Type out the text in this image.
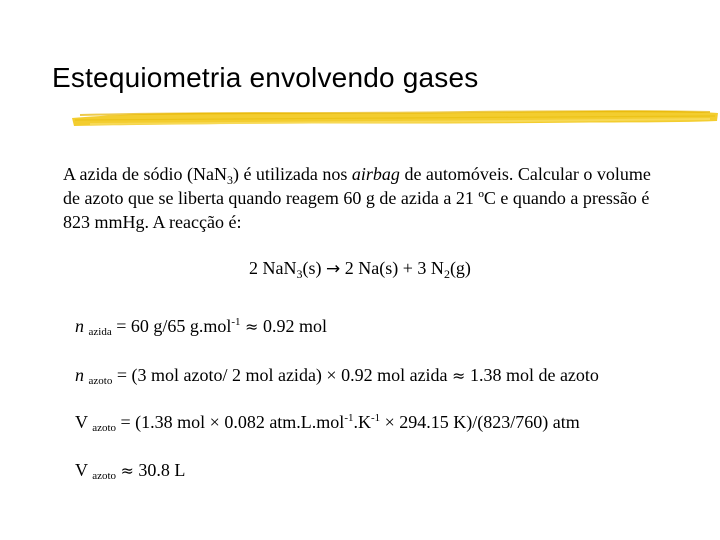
Estequiometria envolvendo gases
A azida de sódio (NaN$_3$) é utilizada nos airbag de automóveis. Calcular o volume de azoto que se liberta quando reagem 60 g de azida a 21 ºC e quando a pressão é 823 mmHg. A reacção é:
2 NaN$_3$(s) → 2 Na(s) + 3 $N_2(g)$
n azida = 60 g/65 g.mol$^{-1}$ ≈ 0.92 mol
n azoto = (3 mol azoto/ 2 mol azida) × 0.92 mol azida ≈ 1.38 mol de azoto
V azoto = (1.38 mol × 0.082 $atm.L.mol^{-1}.K^{-1} \times 294.15$ K)/(823/760) atm
V azoto ≈ 30.8 L
